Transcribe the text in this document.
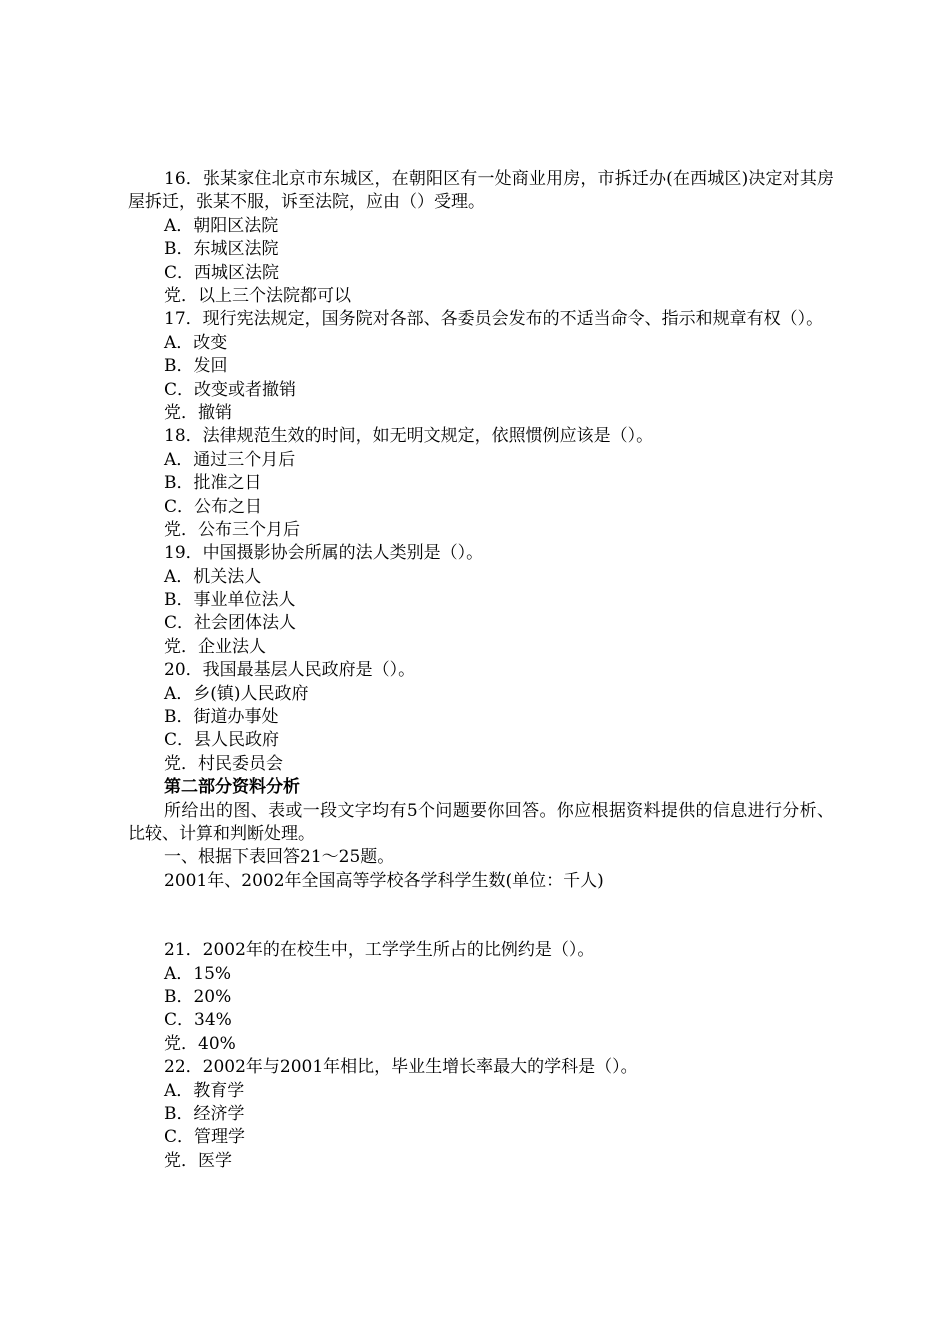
16．张某家住北京市东城区，在朝阳区有一处商业用房，市拆迁办(在西城区)决定对其房屋拆迁，张某不服，诉至法院，应由（）受理。
A．朝阳区法院
B．东城区法院
C．西城区法院
党．以上三个法院都可以
17．现行宪法规定，国务院对各部、各委员会发布的不适当命令、指示和规章有权（）。
A．改变
B．发回
C．改变或者撤销
党．撤销
18．法律规范生效的时间，如无明文规定，依照惯例应该是（）。
A．通过三个月后
B．批准之日
C．公布之日
党．公布三个月后
19．中国摄影协会所属的法人类别是（）。
A．机关法人
B．事业单位法人
C．社会团体法人
党．企业法人
20．我国最基层人民政府是（）。
A．乡(镇)人民政府
B．街道办事处
C．县人民政府
党．村民委员会
第二部分资料分析
所给出的图、表或一段文字均有5个问题要你回答。你应根据资料提供的信息进行分析、比较、计算和判断处理。
一、根据下表回答21～25题。
2001年、2002年全国高等学校各学科学生数(单位：千人)
21．2002年的在校生中，工学学生所占的比例约是（）。
A．15%
B．20%
C．34%
党．40%
22．2002年与2001年相比，毕业生增长率最大的学科是（）。
A．教育学
B．经济学
C．管理学
党．医学
